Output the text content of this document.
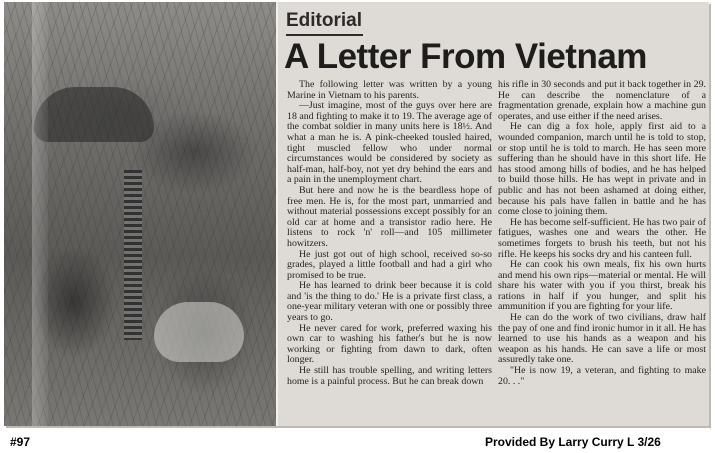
Editorial
A Letter From Vietnam

The following letter was written by a young Marine in Vietnam to his parents.

—Just imagine, most of the guys over here are 18 and fighting to make it to 19. The average age of the combat soldier in many units here is 18½. And what a man he is. A pink-cheeked tousled haired, tight muscled fellow who under normal circumstances would be considered by society as half-man, half-boy, not yet dry behind the ears and a pain in the unemployment chart.

But here and now he is the beardless hope of free men. He is, for the most part, unmarried and without material possessions except possibly for an old car at home and a transistor radio here. He listens to rock 'n' roll—and 105 millimeter howitzers.

He just got out of high school, received so-so grades, played a little football and had a girl who promised to be true.

He has learned to drink beer because it is cold and 'is the thing to do.' He is a private first class, a one-year military veteran with one or possibly three years to go.

He never cared for work, preferred waxing his own car to washing his father's but he is now working or fighting from dawn to dark, often longer.

He still has trouble spelling, and writing letters home is a painful process. But he can break down

his rifle in 30 seconds and put it back together in 29. He can describe the nomenclature of a fragmentation grenade, explain how a machine gun operates, and use either if the need arises.

He can dig a fox hole, apply first aid to a wounded companion, march until he is told to stop, or stop until he is told to march. He has seen more suffering than he should have in this short life. He has stood among hills of bodies, and he has helped to build those hills. He has wept in private and in public and has not been ashamed at doing either, because his pals have fallen in battle and he has come close to joining them.

He has become self-sufficient. He has two pair of fatigues, washes one and wears the other. He sometimes forgets to brush his teeth, but not his rifle. He keeps his socks dry and his canteen full.

He can cook his own meals, fix his own hurts and mend his own rips—material or mental. He will share his water with you if you thirst, break his rations in half if you hunger, and split his ammunition if you are fighting for your life.

He can do the work of two civilians, draw half the pay of one and find ironic humor in it all. He has learned to use his hands as a weapon and his weapon as his hands. He can save a life or most assuredly take one.

"He is now 19, a veteran, and fighting to make 20. . ."

#97	Provided By Larry Curry L 3/26
